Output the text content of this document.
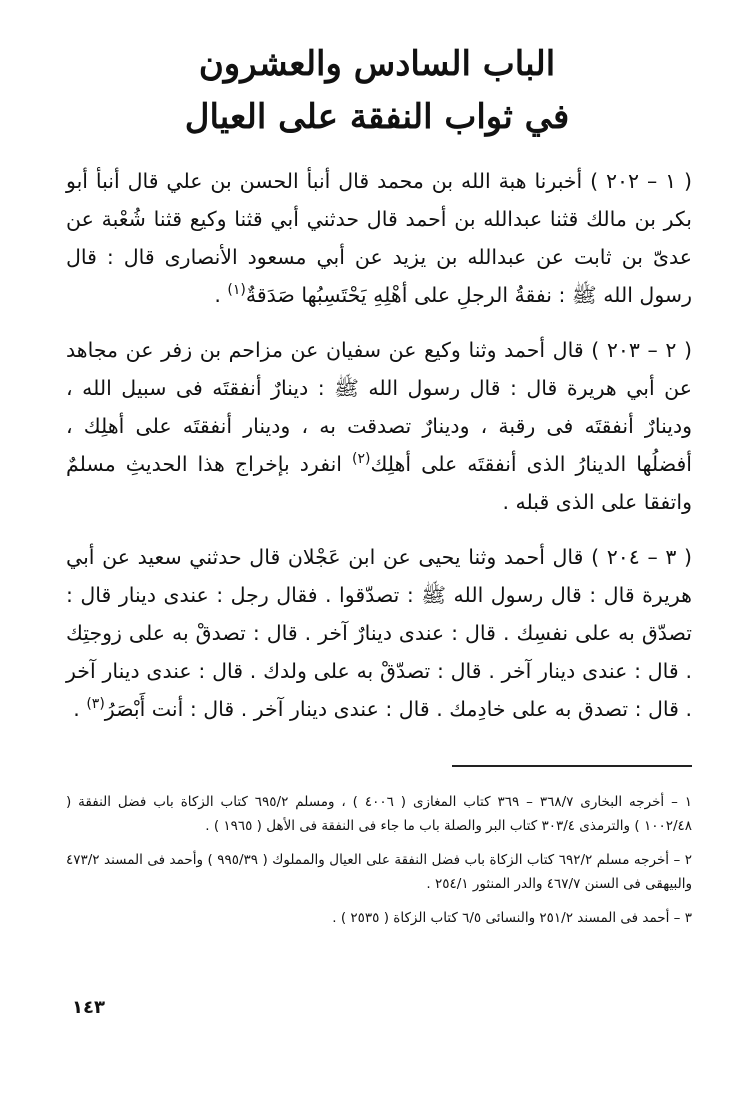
الباب السادس والعشرون
في ثواب النفقة على العيال

( ١ – ٢٠٢ ) أخبرنا هبة الله بن محمد قال أنبأ الحسن بن علي قال أنبأ أبو بكر بن مالك قثنا عبدالله بن أحمد قال حدثني أبي قثنا وكيع قثنا شُعْبة عن عدىّ بن ثابت عن عبدالله بن يزيد عن أبي مسعود الأنصارى قال : قال رسول الله ﷺ : نفقةُ الرجلِ على أهْلِهِ يَحْتَسِبُها صَدَقةٌ$^{(١)}$ .

( ٢ – ٢٠٣ ) قال أحمد وثنا وكيع عن سفيان عن مزاحم بن زفر عن مجاهد عن أبي هريرة قال : قال رسول الله ﷺ : دينارٌ أنفقتَه فى سبيل الله ، ودينارٌ أنفقتَه فى رقبة ، ودينارٌ تصدقت به ، ودينار أنفقتَه على أهلِك ، أفضلُها الدينارُ الذى أنفقتَه على أهلِك$^{(٢)}$ انفرد بإخراج هذا الحديثِ مسلمٌ واتفقا على الذى قبله .

( ٣ – ٢٠٤ ) قال أحمد وثنا يحيى عن ابن عَجْلان قال حدثني سعيد عن أبي هريرة قال : قال رسول الله ﷺ : تصدّقوا . فقال رجل : عندى دينار قال : تصدّق به على نفسِك . قال : عندى دينارٌ آخر . قال : تصدقْ به على زوجتِك . قال : عندى دينار آخر . قال : تصدّقْ به على ولدك . قال : عندى دينار آخر . قال : تصدق به على خادِمك . قال : عندى دينار آخر . قال : أنت أَبْصَرُ$^{(٣)}$ .

١ – أخرجه البخارى ٣٦٨/٧ – ٣٦٩ كتاب المغازى ( ٤٠٠٦ ) ، ومسلم ٦٩٥/٢ كتاب الزكاة باب فضل النفقة ( ١٠٠٢/٤٨ ) والترمذى ٣٠٣/٤ كتاب البر والصلة باب ما جاء فى النفقة فى الأهل ( ١٩٦٥ ) .

٢ – أخرجه مسلم ٦٩٢/٢ كتاب الزكاة باب فضل النفقة على العيال والمملوك ( ٩٩٥/٣٩ ) وأحمد فى المسند ٤٧٣/٢ والبيهقى فى السنن ٤٦٧/٧ والدر المنثور ٢٥٤/١ .

٣ – أحمد فى المسند ٢٥١/٢ والنسائى ٦/٥ كتاب الزكاة ( ٢٥٣٥ ) .

١٤٣
